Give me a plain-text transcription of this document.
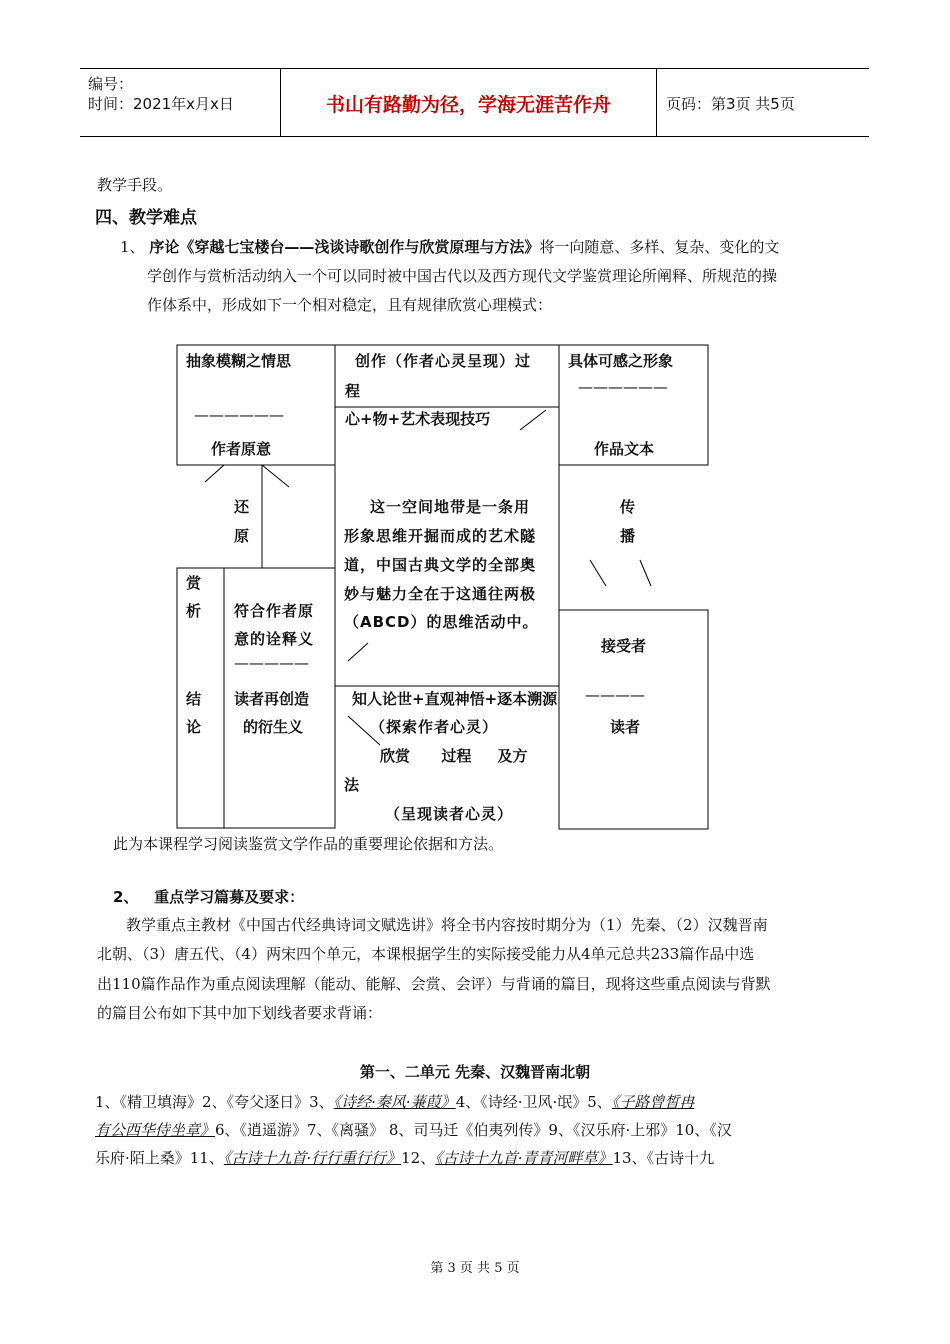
编号：
时间：2021年x月x日	书山有路勤为径，学海无涯苦作舟	页码：第3页 共5页
教学手段。
四、教学难点
1、 序论《穿越七宝楼台——浅谈诗歌创作与欣赏原理与方法》将一向随意、多样、复杂、变化的文
学创作与赏析活动纳入一个可以同时被中国古代以及西方现代文学鉴赏理论所阐释、所规范的操
作体系中，形成如下一个相对稳定，且有规律欣赏心理模式：
抽象模糊之情思
——————
作者原意
创作（作者心灵呈现）过
程
心+物+艺术表现技巧
具体可感之形象
——————
作品文本
还
原
传
播
这一空间地带是一条用
形象思维开掘而成的艺术隧
道，中国古典文学的全部奥
妙与魅力全在于这通往两极
（ABCD）的思维活动中。
赏
析
结
论
符合作者原
意的诠释义
—————
读者再创造
的衍生义
接受者
————
读者
知人论世+直观神悟+逐本溯源
（探索作者心灵）
欣赏      过程     及方
法
（呈现读者心灵）
此为本课程学习阅读鉴赏文学作品的重要理论依据和方法。
2、 重点学习篇募及要求：
教学重点主教材《中国古代经典诗词文赋选讲》将全书内容按时期分为（1）先秦、（2）汉魏晋南
北朝、（3）唐五代、（4）两宋四个单元，本课根据学生的实际接受能力从4单元总共233篇作品中选
出110篇作品作为重点阅读理解（能动、能解、会赏、会评）与背诵的篇目，现将这些重点阅读与背默
的篇目公布如下其中加下划线者要求背诵：
第一、二单元 先秦、汉魏晋南北朝
1、《精卫填海》2、《夸父逐日》3、《诗经·秦风·蒹葭》4、《诗经·卫风·氓》5、《子路曾皙冉
有公西华侍坐章》6、《逍遥游》7、《离骚》 8、司马迁《伯夷列传》9、《汉乐府·上邪》10、《汉
乐府·陌上桑》11、《古诗十九首·行行重行行》12、《古诗十九首·青青河畔草》13、《古诗十九
第 3 页 共 5 页
